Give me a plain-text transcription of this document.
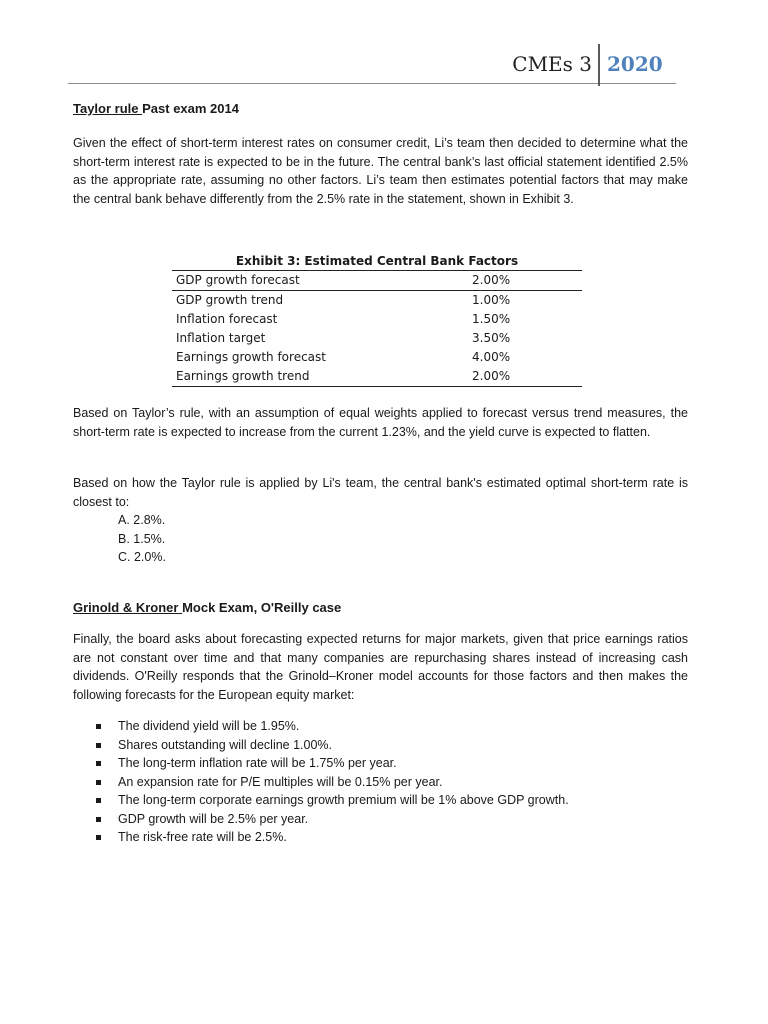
CMEs 3 2020
Taylor rule Past exam 2014

Given the effect of short-term interest rates on consumer credit, Li’s team then decided to determine what the short-term interest rate is expected to be in the future. The central bank’s last official statement identified 2.5% as the appropriate rate, assuming no other factors. Li’s team then estimates potential factors that may make the central bank behave differently from the 2.5% rate in the statement, shown in Exhibit 3.

Exhibit 3: Estimated Central Bank Factors
GDP growth forecast	2.00%
GDP growth trend	1.00%
Inflation forecast	1.50%
Inflation target	3.50%
Earnings growth forecast	4.00%
Earnings growth trend	2.00%

Based on Taylor’s rule, with an assumption of equal weights applied to forecast versus trend measures, the short-term rate is expected to increase from the current 1.23%, and the yield curve is expected to flatten.

Based on how the Taylor rule is applied by Li's team, the central bank's estimated optimal short-term rate is closest to:

A. 2.8%.
B. 1.5%.
C. 2.0%.
Grinold & Kroner Mock Exam, O'Reilly case

Finally, the board asks about forecasting expected returns for major markets, given that price earnings ratios are not constant over time and that many companies are repurchasing shares instead of increasing cash dividends. O'Reilly responds that the Grinold–Kroner model accounts for those factors and then makes the following forecasts for the European equity market:

The dividend yield will be 1.95%.
Shares outstanding will decline 1.00%.
The long-term inflation rate will be 1.75% per year.
An expansion rate for P/E multiples will be 0.15% per year.
The long-term corporate earnings growth premium will be 1% above GDP growth.
GDP growth will be 2.5% per year.
The risk-free rate will be 2.5%.
